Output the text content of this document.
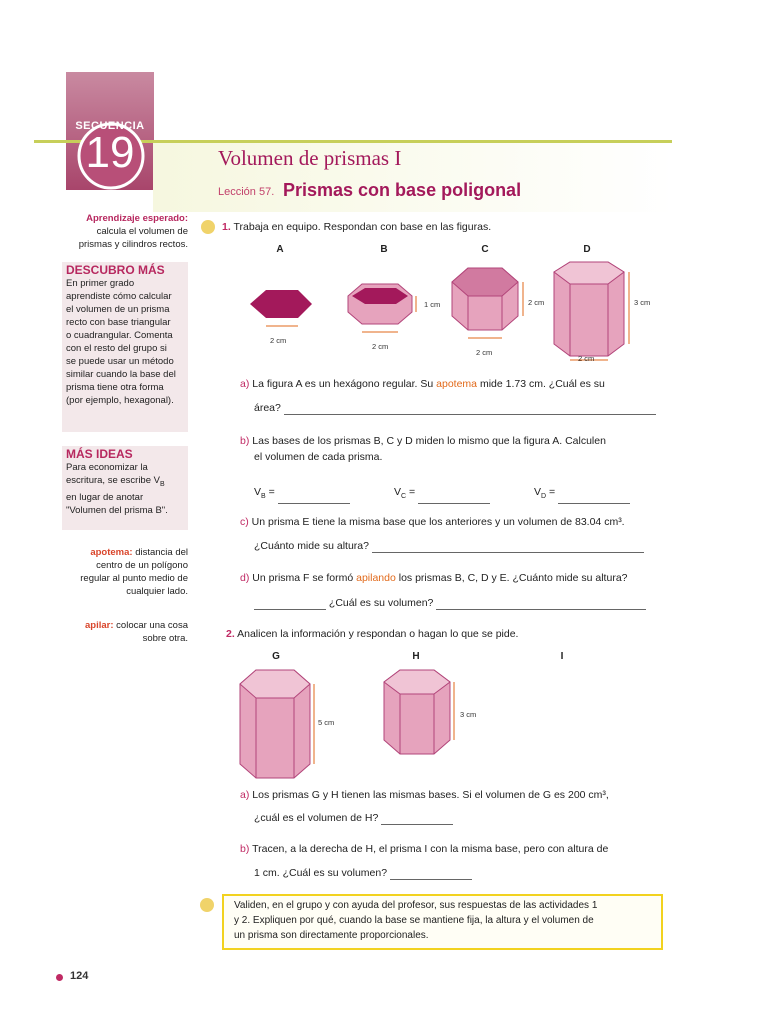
SECUENCIA
19	Volumen de prismas I
Lección 57. Prismas con base poligonal
Aprendizaje esperado:
calcula el volumen de
prismas y cilindros rectos.
DESCUBRO MÁS
En primer grado
aprendiste cómo calcular
el volumen de un prisma
recto con base triangular
o cuadrangular. Comenta
con el resto del grupo si
se puede usar un método
similar cuando la base del
prisma tiene otra forma
(por ejemplo, hexagonal).
MÁS IDEAS
Para economizar la
escritura, se escribe $V_B$
en lugar de anotar
"Volumen del prisma B".
apotema: distancia del
centro de un polígono
regular al punto medio de
cualquier lado.
apilar: colocar una cosa
sobre otra.
1. Trabaja en equipo. Respondan con base en las figuras.
A	B	C	D
2 cm
1 cm
2 cm
2 cm
2 cm
3 cm
2 cm
a) La figura A es un hexágono regular. Su apotema mide 1.73 cm. ¿Cuál es su
área?
b) Las bases de los prismas B, C y D miden lo mismo que la figura A. Calculen
el volumen de cada prisma.
$V_B$ =	$V_C$ =	$V_D$ =
c) Un prisma E tiene la misma base que los anteriores y un volumen de 83.04 cm³.
¿Cuánto mide su altura?
d) Un prisma F se formó apilando los prismas B, C, D y E. ¿Cuánto mide su altura?
¿Cuál es su volumen?
2. Analicen la información y respondan o hagan lo que se pide.
G	H	I
5 cm
3 cm
a) Los prismas G y H tienen las mismas bases. Si el volumen de G es 200 cm³,
¿cuál es el volumen de H?
b) Tracen, a la derecha de H, el prisma I con la misma base, pero con altura de
1 cm. ¿Cuál es su volumen?
Validen, en el grupo y con ayuda del profesor, sus respuestas de las actividades 1
y 2. Expliquen por qué, cuando la base se mantiene fija, la altura y el volumen de
un prisma son directamente proporcionales.
124
